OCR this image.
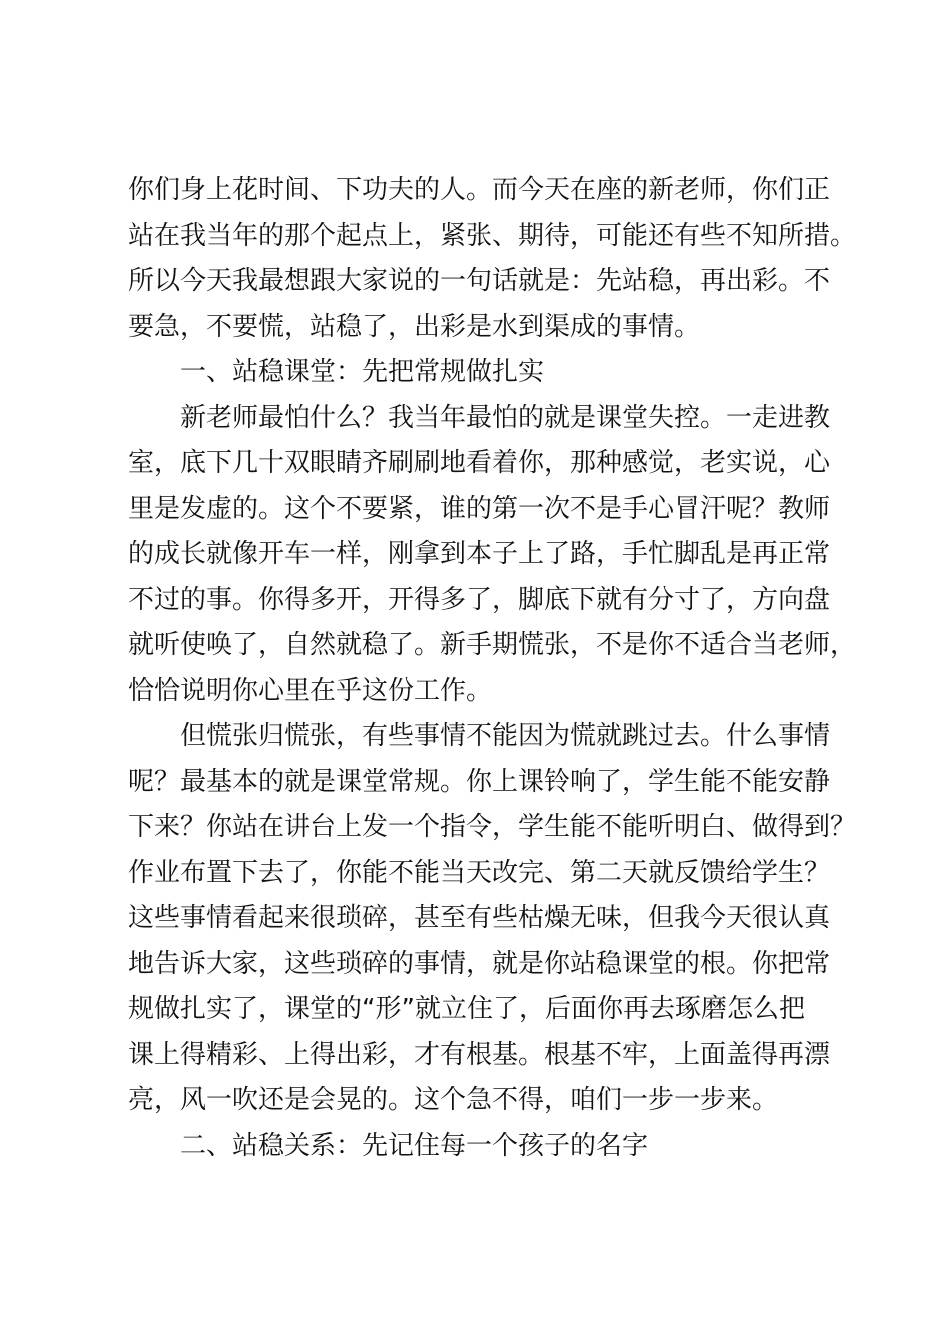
你们身上花时间、下功夫的人。而今天在座的新老师，你们正
站在我当年的那个起点上，紧张、期待，可能还有些不知所措。
所以今天我最想跟大家说的一句话就是：先站稳，再出彩。不
要急，不要慌，站稳了，出彩是水到渠成的事情。
一、站稳课堂：先把常规做扎实
新老师最怕什么？我当年最怕的就是课堂失控。一走进教
室，底下几十双眼睛齐刷刷地看着你，那种感觉，老实说，心
里是发虚的。这个不要紧，谁的第一次不是手心冒汗呢？教师
的成长就像开车一样，刚拿到本子上了路，手忙脚乱是再正常
不过的事。你得多开，开得多了，脚底下就有分寸了，方向盘
就听使唤了，自然就稳了。新手期慌张，不是你不适合当老师，
恰恰说明你心里在乎这份工作。
但慌张归慌张，有些事情不能因为慌就跳过去。什么事情
呢？最基本的就是课堂常规。你上课铃响了，学生能不能安静
下来？你站在讲台上发一个指令，学生能不能听明白、做得到？
作业布置下去了，你能不能当天改完、第二天就反馈给学生？
这些事情看起来很琐碎，甚至有些枯燥无味，但我今天很认真
地告诉大家，这些琐碎的事情，就是你站稳课堂的根。你把常
规做扎实了，课堂的“形”就立住了，后面你再去琢磨怎么把
课上得精彩、上得出彩，才有根基。根基不牢，上面盖得再漂
亮，风一吹还是会晃的。这个急不得，咱们一步一步来。
二、站稳关系：先记住每一个孩子的名字
